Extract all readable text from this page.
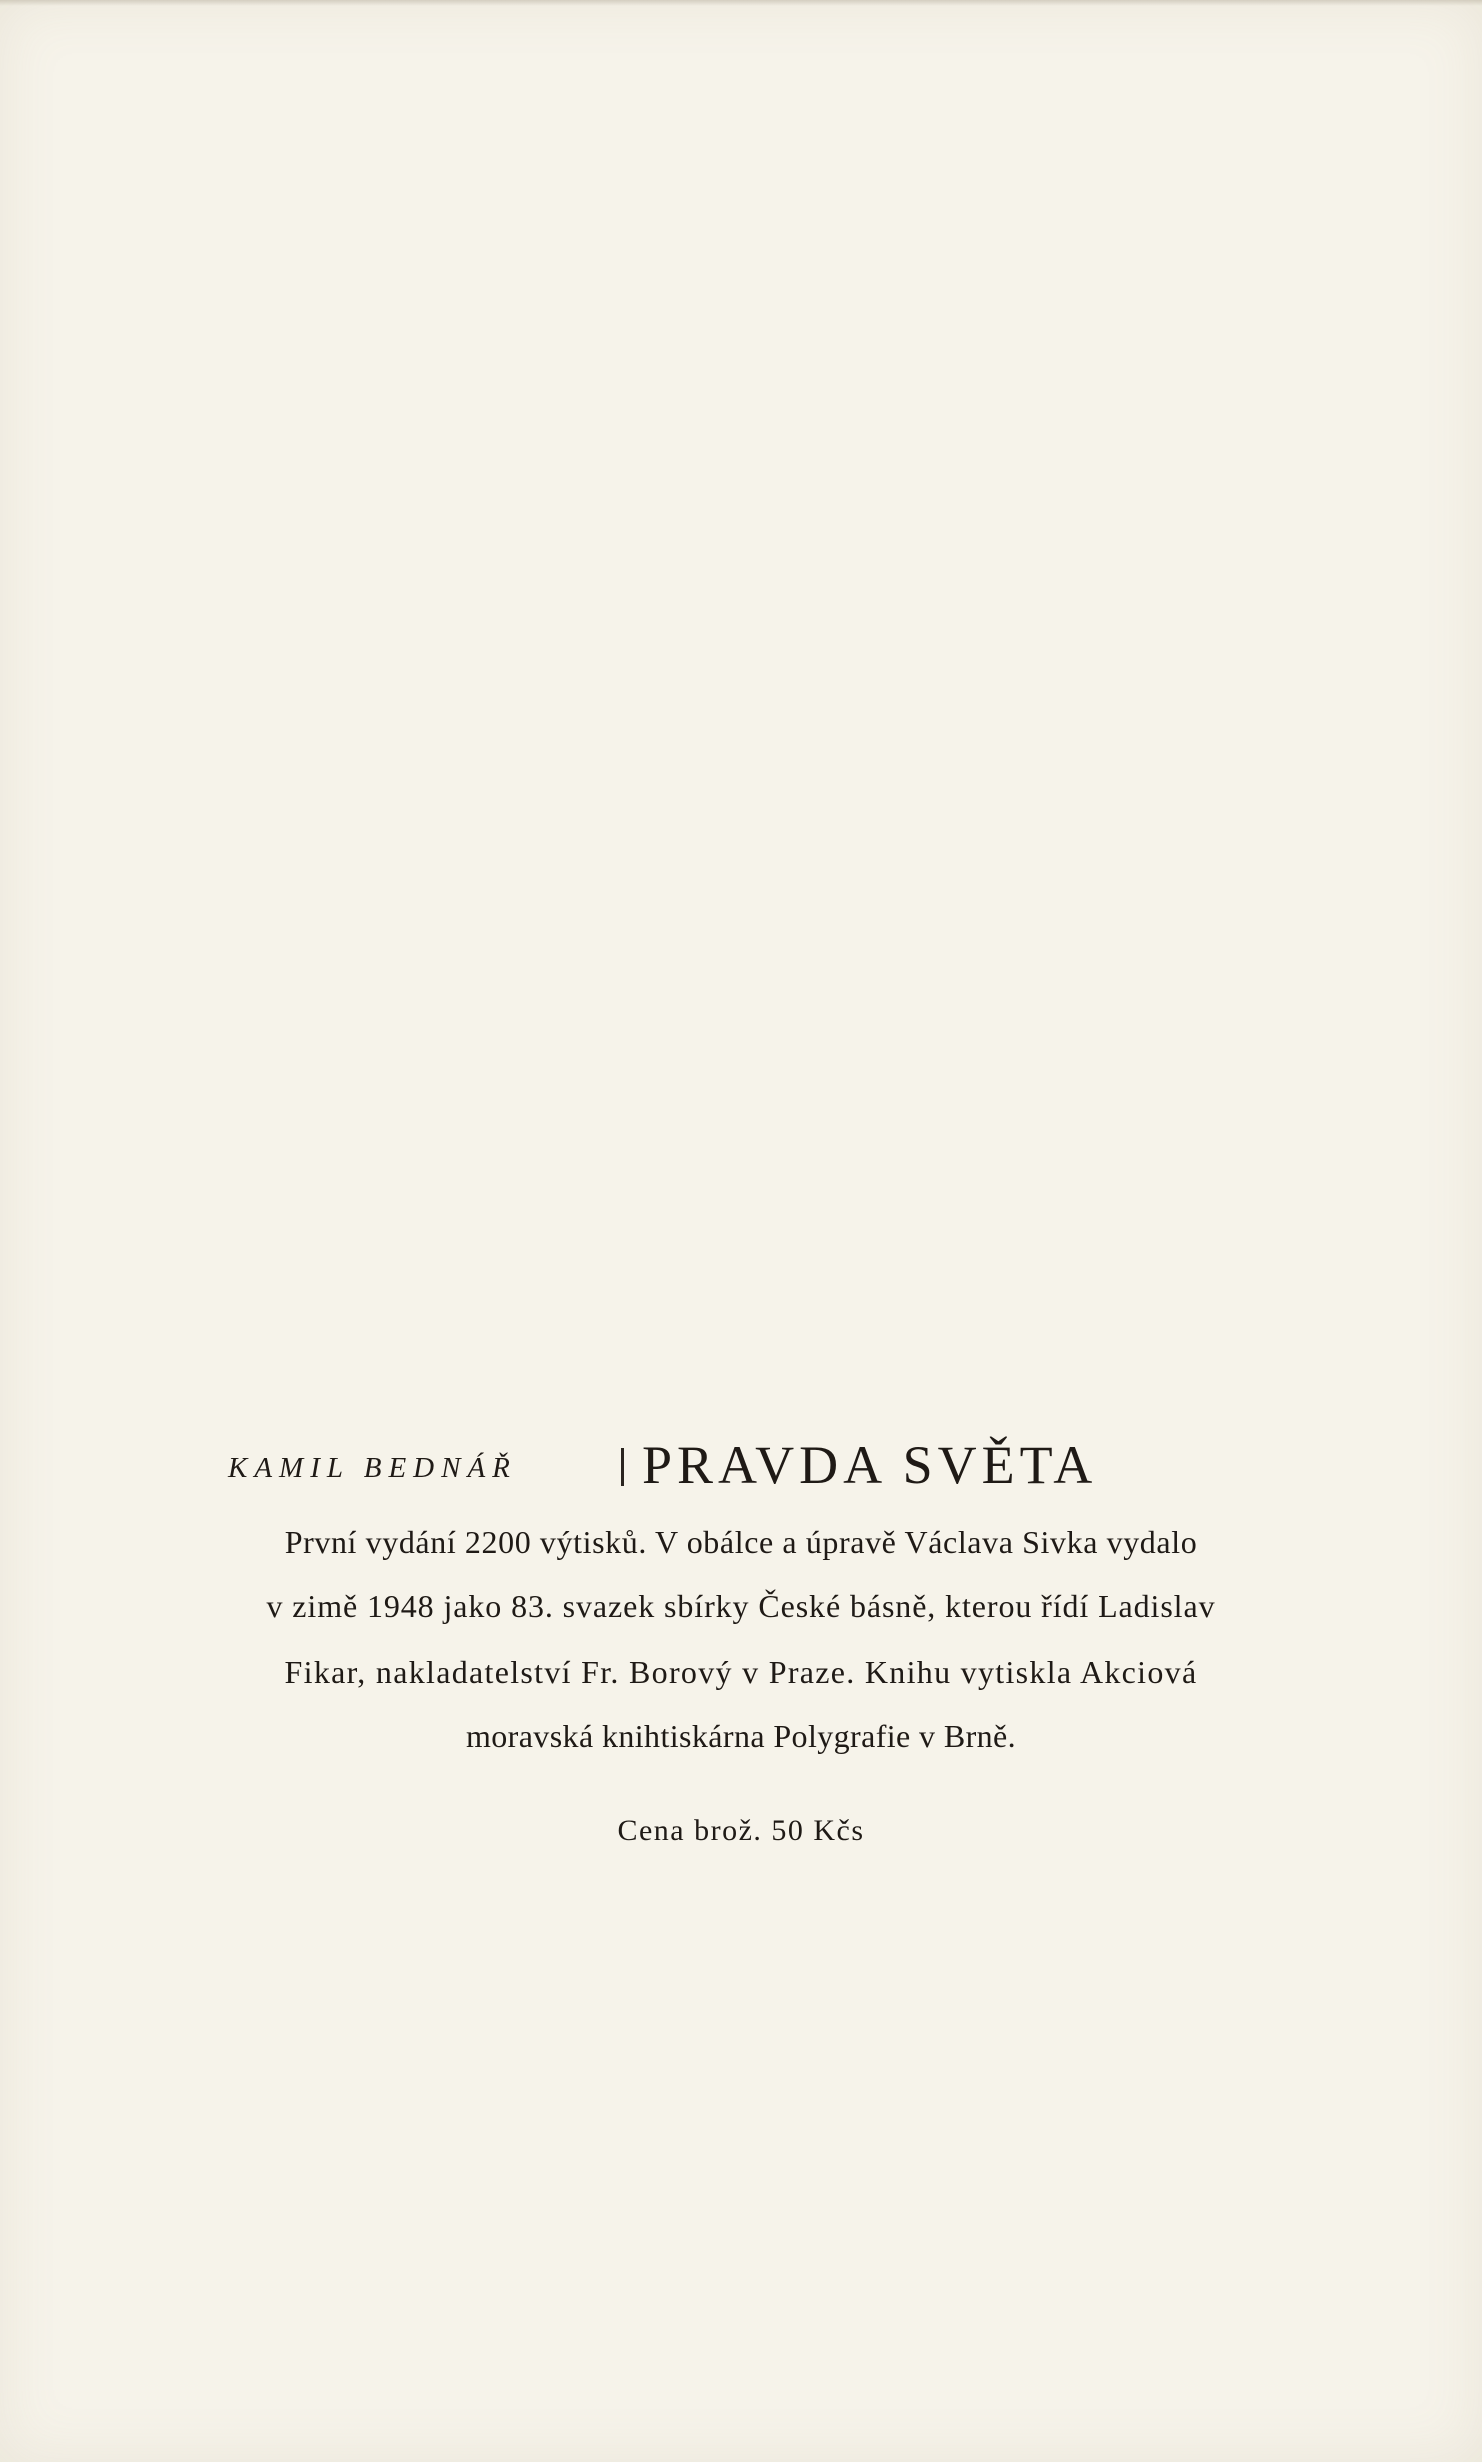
KAMIL BEDNÁŘ PRAVDA SVĚTA
První vydání 2200 výtisků. V obálce a úpravě Václava Sivka vydalo
v zimě 1948 jako 83. svazek sbírky České básně, kterou řídí Ladislav
Fikar, nakladatelství Fr. Borový v Praze. Knihu vytiskla Akciová
moravská knihtiskárna Polygrafie v Brně.
Cena brož. 50 Kčs
